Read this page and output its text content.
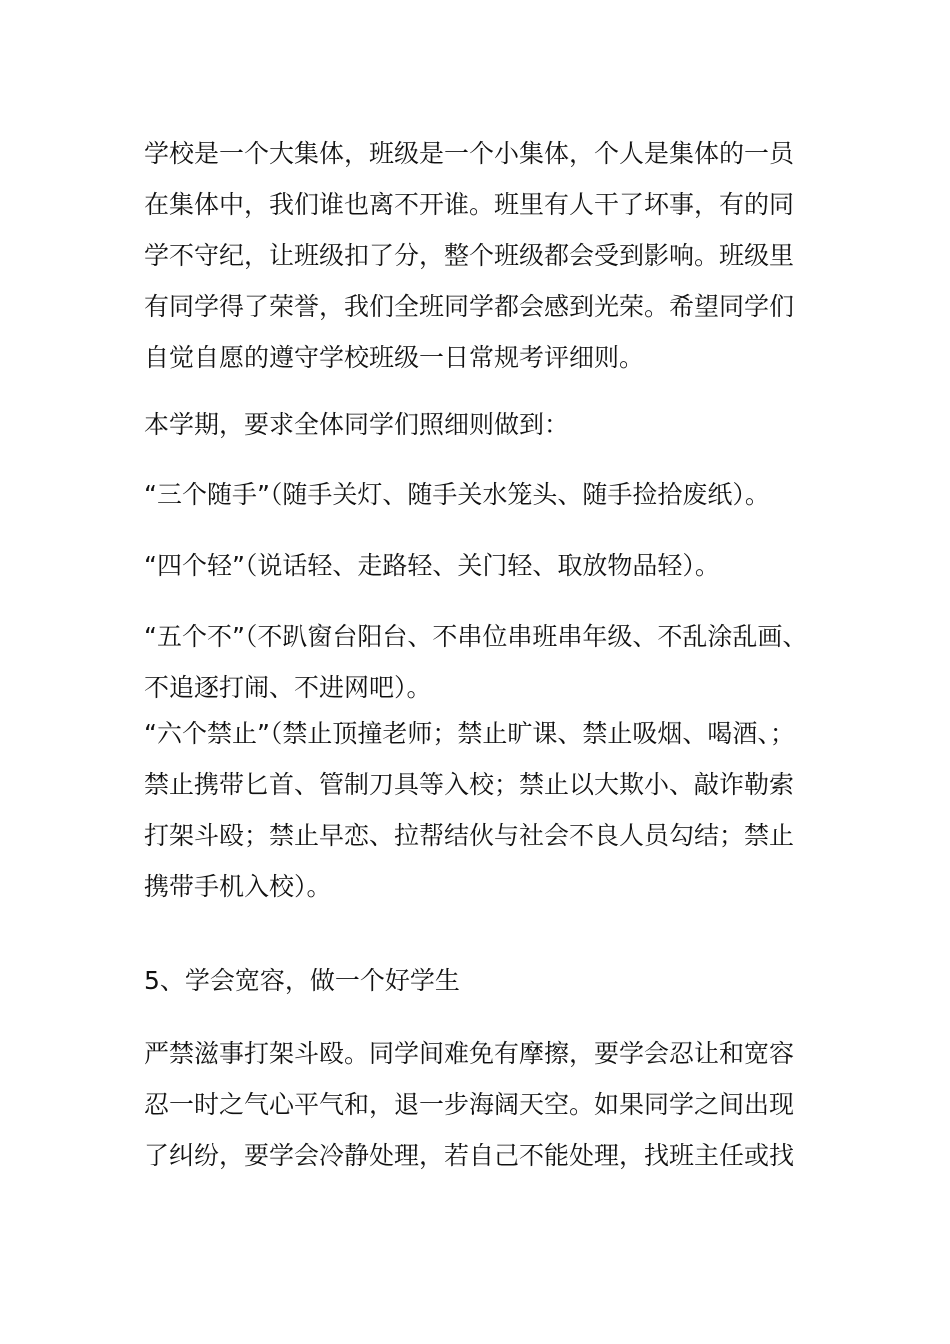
学校是一个大集体，班级是一个小集体，个人是集体的一员
在集体中，我们谁也离不开谁。班里有人干了坏事，有的同
学不守纪，让班级扣了分，整个班级都会受到影响。班级里
有同学得了荣誉，我们全班同学都会感到光荣。希望同学们
自觉自愿的遵守学校班级一日常规考评细则。
本学期，要求全体同学们照细则做到：
“三个随手”（随手关灯、随手关水笼头、随手捡拾废纸）。
“四个轻”（说话轻、走路轻、关门轻、取放物品轻）。
“五个不”（不趴窗台阳台、不串位串班串年级、不乱涂乱画、
不追逐打闹、不进网吧）。
“六个禁止”（禁止顶撞老师；禁止旷课、禁止吸烟、喝酒、；
禁止携带匕首、管制刀具等入校；禁止以大欺小、敲诈勒索
打架斗殴；禁止早恋、拉帮结伙与社会不良人员勾结；禁止
携带手机入校）。
5、学会宽容，做一个好学生
严禁滋事打架斗殴。同学间难免有摩擦，要学会忍让和宽容
忍一时之气心平气和，退一步海阔天空。如果同学之间出现
了纠纷，要学会冷静处理，若自己不能处理，找班主任或找
